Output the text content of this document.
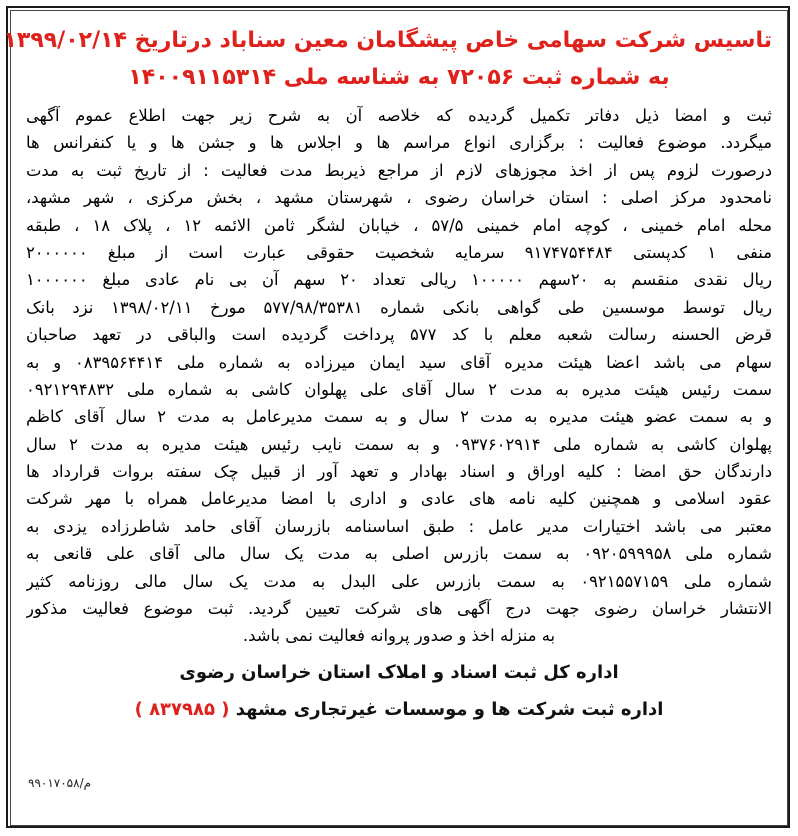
تاسیس شرکت سهامی خاص پیشگامان معین سناباد درتاریخ ۱۳۹۹/۰۲/۱۴
به شماره ثبت ۷۲۰۵۶ به شناسه ملی ۱۴۰۰۹۱۱۵۳۱۴
ثبت و امضا ذیل دفاتر تکمیل گردیده که خلاصه آن به شرح زیر جهت اطلاع عموم آگهی
میگردد. موضوع فعالیت : برگزاری انواع مراسم ها و اجلاس ها و جشن ها و یا کنفرانس ها
درصورت لزوم پس از اخذ مجوزهای لازم از مراجع ذیربط مدت فعالیت : از تاریخ ثبت به مدت
نامحدود مرکز اصلی : استان خراسان رضوی ، شهرستان مشهد ، بخش مرکزی ، شهر مشهد،
محله امام خمینی ، کوچه امام خمینی ۵۷/۵ ، خیابان لشگر ثامن الائمه ۱۲ ، پلاک ۱۸ ، طبقه
منفی ۱ کدپستی ۹۱۷۴۷۵۴۴۸۴ سرمایه شخصیت حقوقی عبارت است از مبلغ ۲۰۰۰۰۰۰
ریال نقدی منقسم به ۲۰سهم ۱۰۰۰۰۰ ریالی تعداد ۲۰ سهم آن بی نام عادی مبلغ ۱۰۰۰۰۰۰
ریال توسط موسسین طی گواهی بانکی شماره ۵۷۷/۹۸/۳۵۳۸۱ مورخ ۱۳۹۸/۰۲/۱۱ نزد بانک
قرض الحسنه رسالت شعبه معلم با کد ۵۷۷ پرداخت گردیده است والباقی در تعهد صاحبان
سهام می باشد اعضا هیئت مدیره آقای سید ایمان میرزاده به شماره ملی ۰۸۳۹۵۶۴۴۱۴ و به
سمت رئیس هیئت مدیره به مدت ۲ سال آقای علی پهلوان کاشی به شماره ملی ۰۹۲۱۲۹۴۸۳۲
و به سمت عضو هیئت مدیره به مدت ۲ سال و به سمت مدیرعامل به مدت ۲ سال آقای کاظم
پهلوان کاشی به شماره ملی ۰۹۳۷۶۰۲۹۱۴ و به سمت نایب رئیس هیئت مدیره به مدت ۲ سال
دارندگان حق امضا : کلیه اوراق و اسناد بهادار و تعهد آور از قبیل چک سفته بروات قرارداد ها
عقود اسلامی و همچنین کلیه نامه های عادی و اداری با امضا مدیرعامل همراه با مهر شرکت
معتبر می باشد اختیارات مدیر عامل : طبق اساسنامه بازرسان آقای حامد شاطرزاده یزدی به
شماره ملی ۰۹۲۰۵۹۹۹۵۸ به سمت بازرس اصلی به مدت یک سال مالی آقای علی قانعی به
شماره ملی ۰۹۲۱۵۵۷۱۵۹ به سمت بازرس علی البدل به مدت یک سال مالی روزنامه کثیر
الانتشار خراسان رضوی جهت درج آگهی های شرکت تعیین گردید. ثبت موضوع فعالیت مذکور
به منزله اخذ و صدور پروانه فعالیت نمی باشد.
اداره کل ثبت اسناد و املاک استان خراسان رضوی
اداره ثبت شرکت ها و موسسات غیرتجاری مشهد ( ۸۳۷۹۸۵ )
م/۹۹۰۱۷۰۵۸
